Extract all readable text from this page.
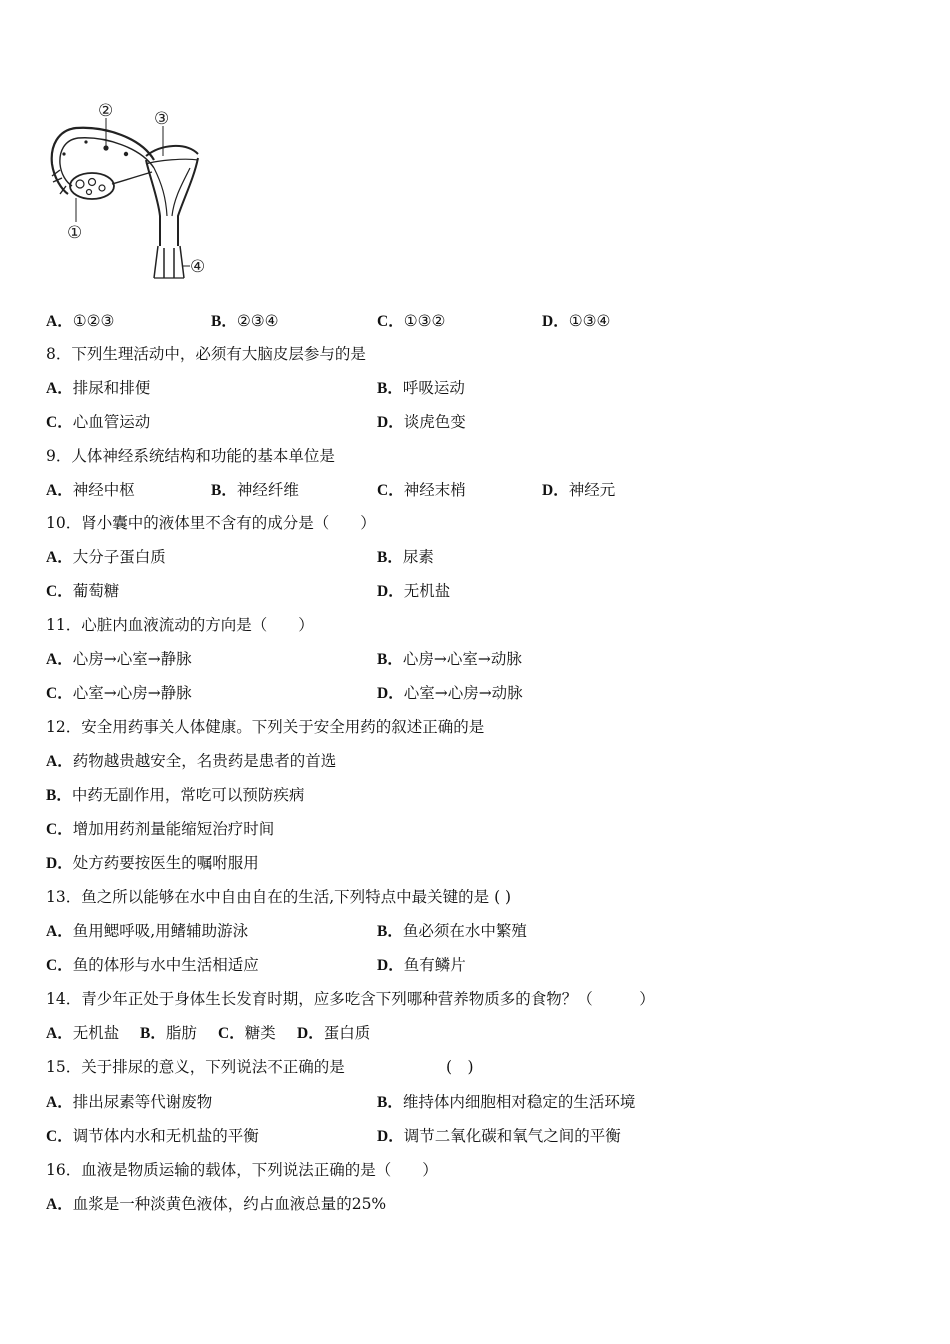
② ③
①
④
A．①②③	B．②③④	C．①③②	D．①③④
8．下列生理活动中，必须有大脑皮层参与的是
A．排尿和排便	B．呼吸运动
C．心血管运动	D．谈虎色变
9．人体神经系统结构和功能的基本单位是
A．神经中枢	B．神经纤维	C．神经末梢	D．神经元
10．肾小囊中的液体里不含有的成分是（　　）
A．大分子蛋白质	B．尿素
C．葡萄糖	D．无机盐
11．心脏内血液流动的方向是（　　）
A．心房→心室→静脉	B．心房→心室→动脉
C．心室→心房→静脉	D．心室→心房→动脉
12．安全用药事关人体健康。下列关于安全用药的叙述正确的是
A．药物越贵越安全，名贵药是患者的首选
B．中药无副作用，常吃可以预防疾病
C．增加用药剂量能缩短治疗时间
D．处方药要按医生的嘱咐服用
13．鱼之所以能够在水中自由自在的生活,下列特点中最关键的是 ( )
A．鱼用鳃呼吸,用鳍辅助游泳	B．鱼必须在水中繁殖
C．鱼的体形与水中生活相适应	D．鱼有鳞片
14．青少年正处于身体生长发育时期，应多吃含下列哪种营养物质多的食物？（　　　）
A．无机盐 B．脂肪 C．糖类 D．蛋白质
15．关于排尿的意义，下列说法不正确的是	(　)
A．排出尿素等代谢废物	B．维持体内细胞相对稳定的生活环境
C．调节体内水和无机盐的平衡	D．调节二氧化碳和氧气之间的平衡
16．血液是物质运输的载体，下列说法正确的是（　　）
A．血浆是一种淡黄色液体，约占血液总量的25%
